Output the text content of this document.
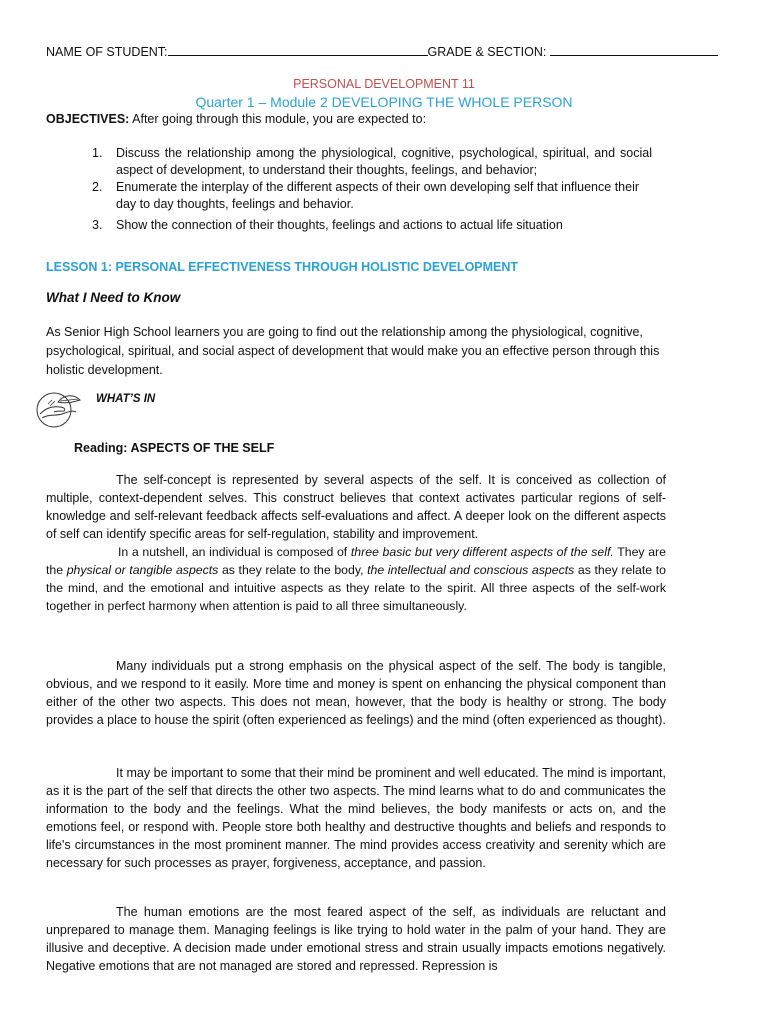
NAME OF STUDENT:	GRADE & SECTION:
PERSONAL DEVELOPMENT 11
Quarter 1 – Module 2 DEVELOPING THE WHOLE PERSON
OBJECTIVES: After going through this module, you are expected to:
1. Discuss the relationship among the physiological, cognitive, psychological, spiritual, and social aspect of development, to understand their thoughts, feelings, and behavior;
2. Enumerate the interplay of the different aspects of their own developing self that influence their day to day thoughts, feelings and behavior.
3. Show the connection of their thoughts, feelings and actions to actual life situation
LESSON 1: PERSONAL EFFECTIVENESS THROUGH HOLISTIC DEVELOPMENT
What I Need to Know
As Senior High School learners you are going to find out the relationship among the physiological, cognitive, psychological, spiritual, and social aspect of development that would make you an effective person through this holistic development.
WHAT’S IN
Reading: ASPECTS OF THE SELF
The self-concept is represented by several aspects of the self. It is conceived as collection of multiple, context-dependent selves. This construct believes that context activates particular regions of self-knowledge and self-relevant feedback affects self-evaluations and affect. A deeper look on the different aspects of self can identify specific areas for self-regulation, stability and improvement.
In a nutshell, an individual is composed of three basic but very different aspects of the self. They are the physical or tangible aspects as they relate to the body, the intellectual and conscious aspects as they relate to the mind, and the emotional and intuitive aspects as they relate to the spirit. All three aspects of the self-work together in perfect harmony when attention is paid to all three simultaneously.
Many individuals put a strong emphasis on the physical aspect of the self. The body is tangible, obvious, and we respond to it easily. More time and money is spent on enhancing the physical component than either of the other two aspects. This does not mean, however, that the body is healthy or strong. The body provides a place to house the spirit (often experienced as feelings) and the mind (often experienced as thought).
It may be important to some that their mind be prominent and well educated. The mind is important, as it is the part of the self that directs the other two aspects. The mind learns what to do and communicates the information to the body and the feelings. What the mind believes, the body manifests or acts on, and the emotions feel, or respond with. People store both healthy and destructive thoughts and beliefs and responds to life's circumstances in the most prominent manner. The mind provides access creativity and serenity which are necessary for such processes as prayer, forgiveness, acceptance, and passion.
The human emotions are the most feared aspect of the self, as individuals are reluctant and unprepared to manage them. Managing feelings is like trying to hold water in the palm of your hand. They are illusive and deceptive. A decision made under emotional stress and strain usually impacts emotions negatively. Negative emotions that are not managed are stored and repressed. Repression is
